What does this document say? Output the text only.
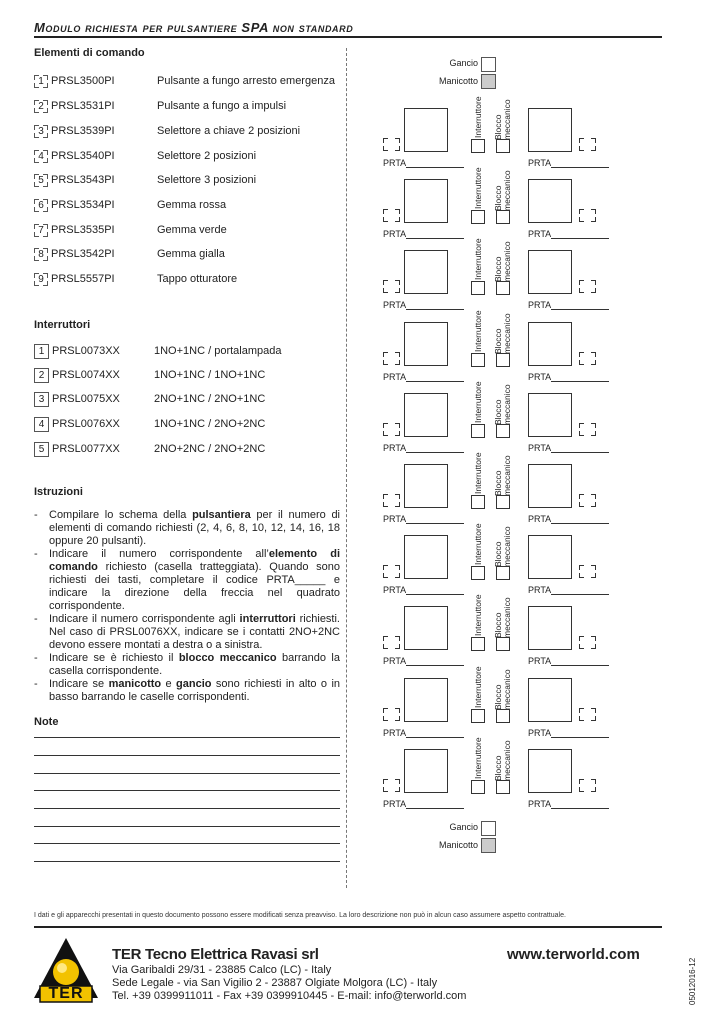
Modulo richiesta per pulsantiere SPA non standard
Elementi di comando
1 PRSL3500PI	Pulsante a fungo arresto emergenza
2 PRSL3531PI	Pulsante a fungo a impulsi
3 PRSL3539PI	Selettore a chiave 2 posizioni
4 PRSL3540PI	Selettore 2 posizioni
5 PRSL3543PI	Selettore 3 posizioni
6 PRSL3534PI	Gemma rossa
7 PRSL3535PI	Gemma verde
8 PRSL3542PI	Gemma gialla
9 PRSL5557PI	Tappo otturatore
Interruttori
1 PRSL0073XX	1NO+1NC / portalampada
2 PRSL0074XX	1NO+1NC / 1NO+1NC
3 PRSL0075XX	2NO+1NC / 2NO+1NC
4 PRSL0076XX	1NO+1NC / 2NO+2NC
5 PRSL0077XX	2NO+2NC / 2NO+2NC
Istruzioni
- Compilare lo schema della pulsantiera per il numero di elementi di comando richiesti (2, 4, 6, 8, 10, 12, 14, 16, 18 oppure 20 pulsanti).
- Indicare il numero corrispondente all’elemento di comando richiesto (casella tratteggiata). Quando sono richiesti dei tasti, completare il codice PRTA_____ e indicare la direzione della freccia nel quadrato corrispondente.
- Indicare il numero corrispondente agli interruttori richiesti. Nel caso di PRSL0076XX, indicare se i contatti 2NO+2NC devono essere montati a destra o a sinistra.
- Indicare se è richiesto il blocco meccanico barrando la casella corrispondente.
- Indicare se manicotto e gancio sono richiesti in alto o in basso barrando le caselle corrispondenti.
Note
Gancio
Manicotto
Gancio
Manicotto
PRTA
Interruttore Blocco
meccanico
PRTA
PRTA
Interruttore Blocco
meccanico
PRTA
PRTA
Interruttore Blocco
meccanico
PRTA
PRTA
Interruttore Blocco
meccanico
PRTA
PRTA
Interruttore Blocco
meccanico
PRTA
PRTA
Interruttore Blocco
meccanico
PRTA
PRTA
Interruttore Blocco
meccanico
PRTA
PRTA
Interruttore Blocco
meccanico
PRTA
PRTA
Interruttore Blocco
meccanico
PRTA
PRTA
Interruttore Blocco
meccanico
PRTA
I dati e gli apparecchi presentati in questo documento possono essere modificati senza preavviso. La loro descrizione non può in alcun caso assumere aspetto contrattuale.
TER
TER Tecno Elettrica Ravasi srl
Via Garibaldi 29/31 - 23885 Calco (LC) - Italy
Sede Legale - via San Vigilio 2 - 23887 Olgiate Molgora (LC) - Italy
Tel. +39 0399911011 - Fax +39 0399910445 - E-mail: info@terworld.com
www.terworld.com
05012016-12
